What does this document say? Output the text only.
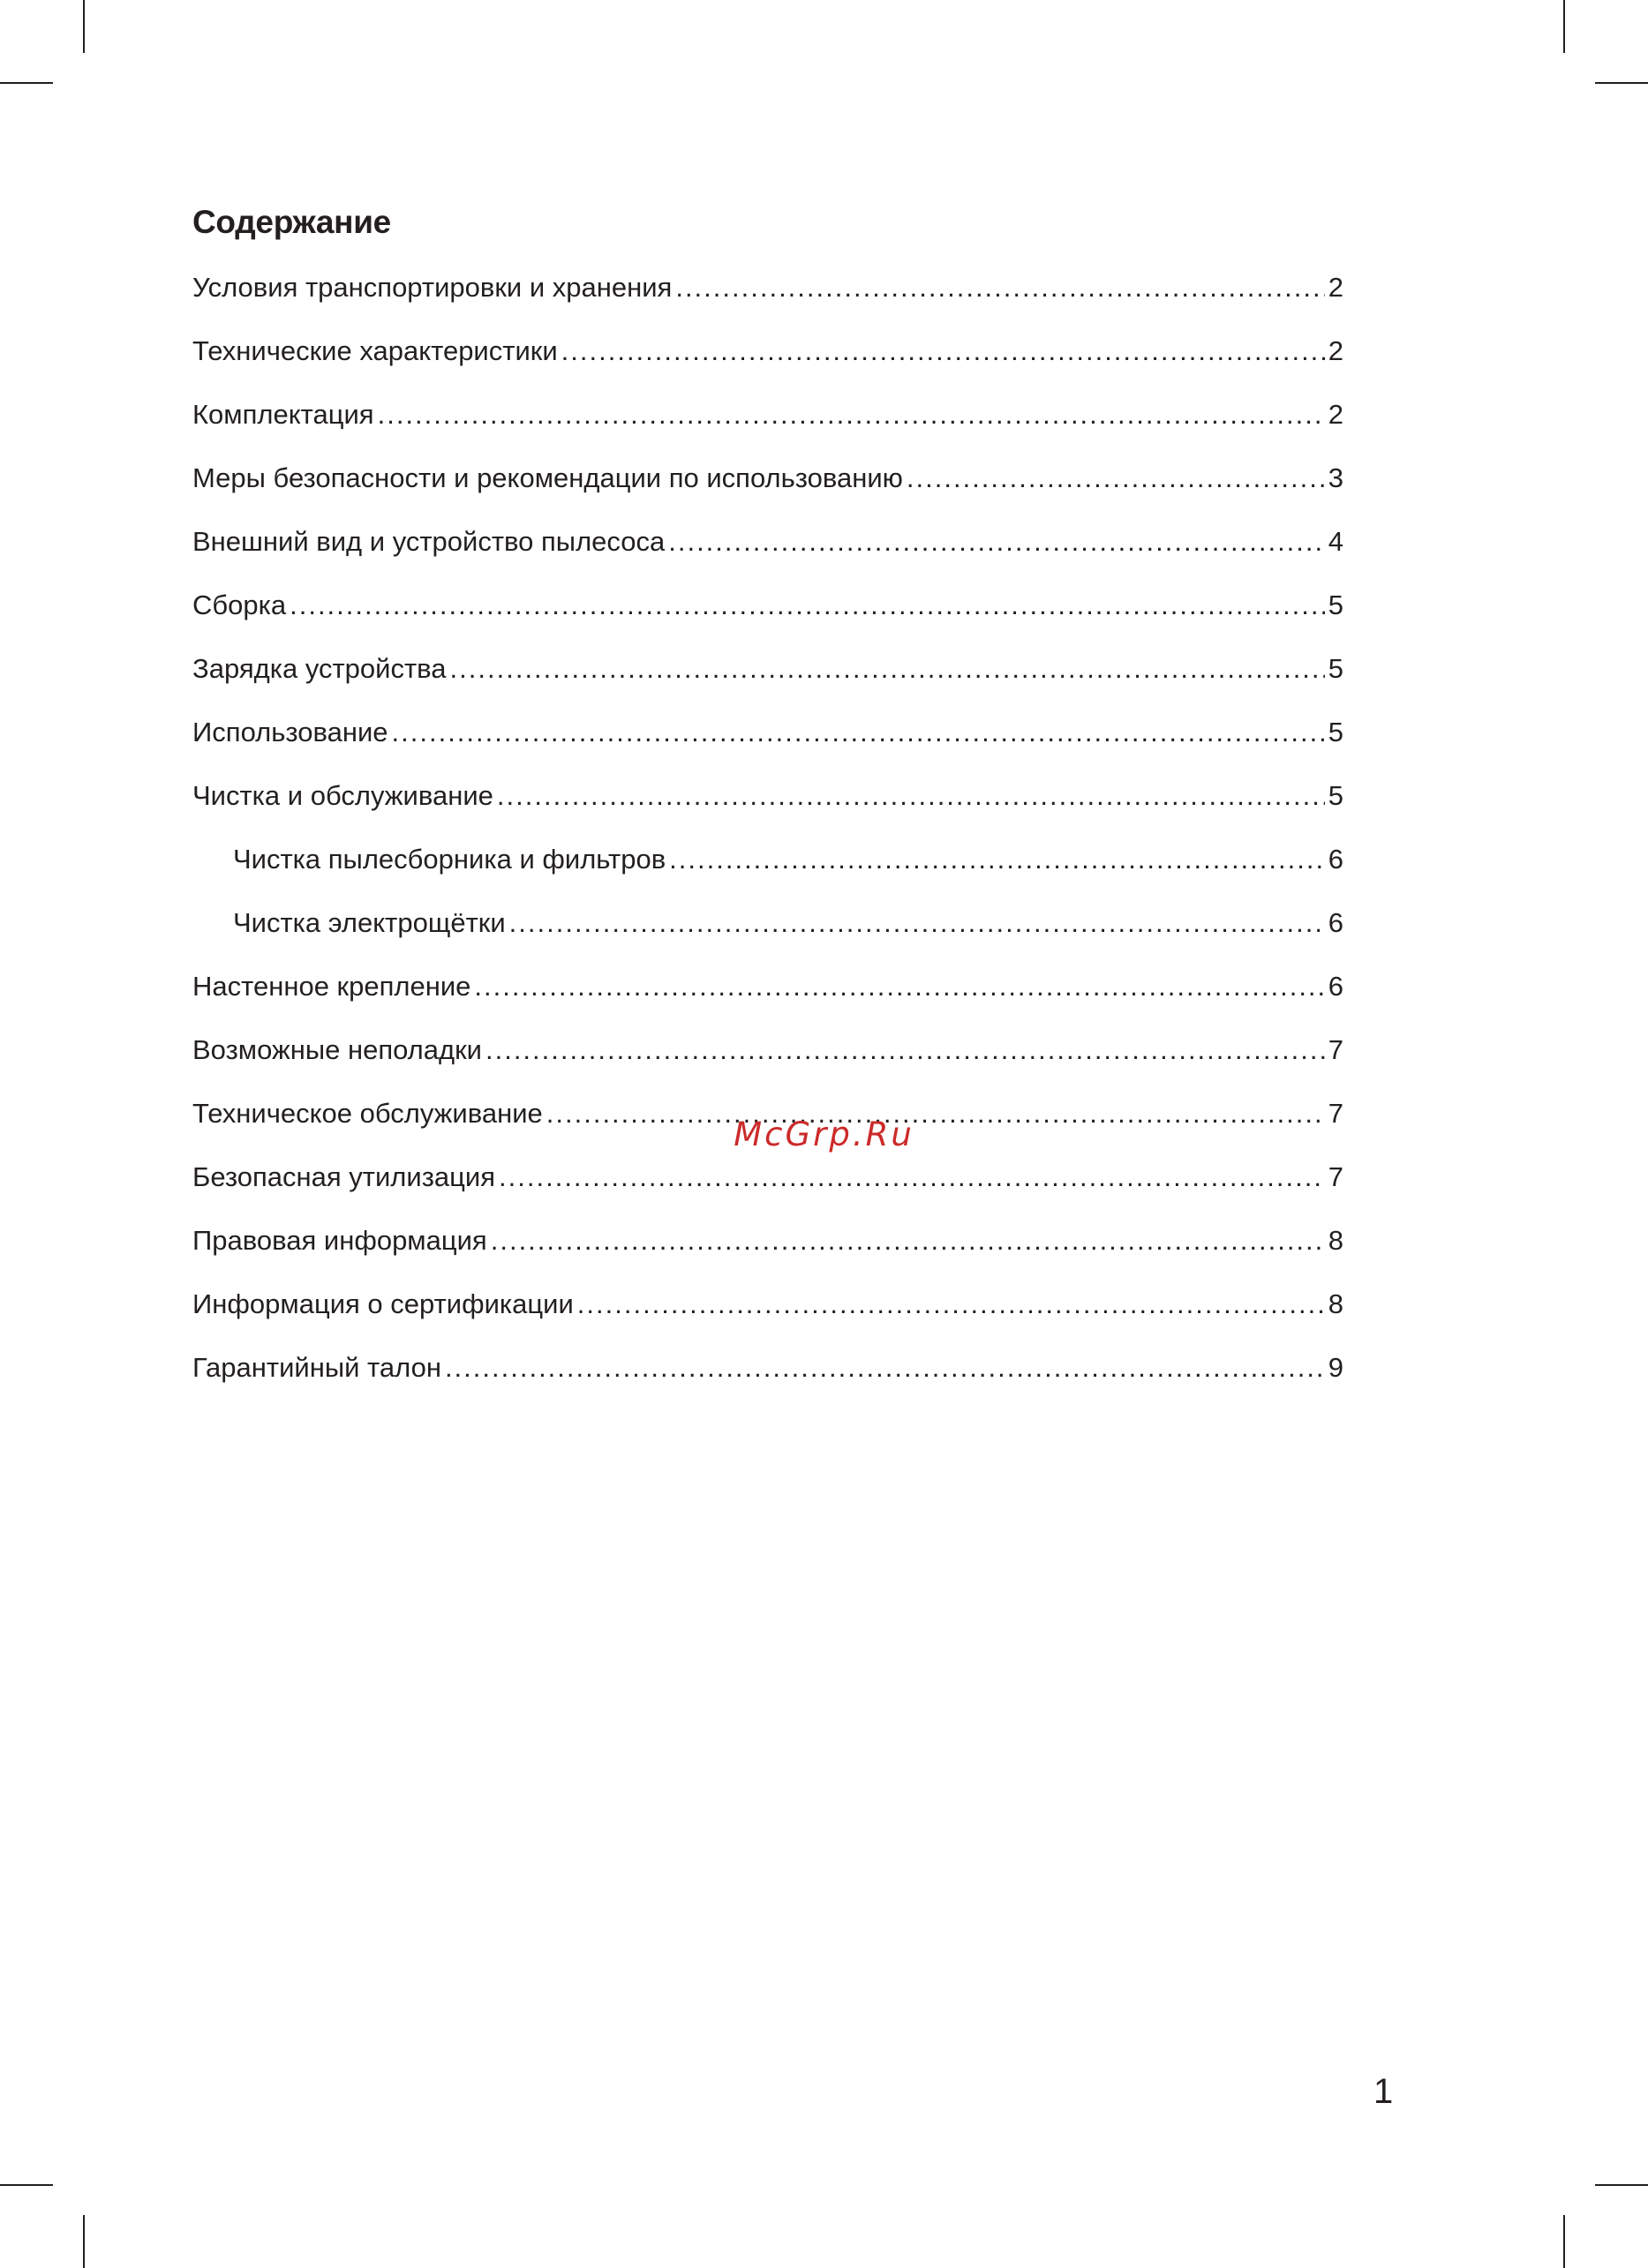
Содержание
Условия транспортировки и хранения .....	2
Технические характеристики .....	2
Комплектация .....	2
Меры безопасности и рекомендации по использованию .....	3
Внешний вид и устройство пылесоса .....	4
Сборка .....	5
Зарядка устройства .....	5
Использование .....	5
Чистка и обслуживание .....	5
Чистка пылесборника и фильтров .....	6
Чистка электрощётки .....	6
Настенное крепление .....	6
Возможные неполадки .....	7
Техническое обслуживание .....	7
Безопасная утилизация .....	7
Правовая информация .....	8
Информация о сертификации .....	8
Гарантийный талон .....	9
McGrp.Ru
1
